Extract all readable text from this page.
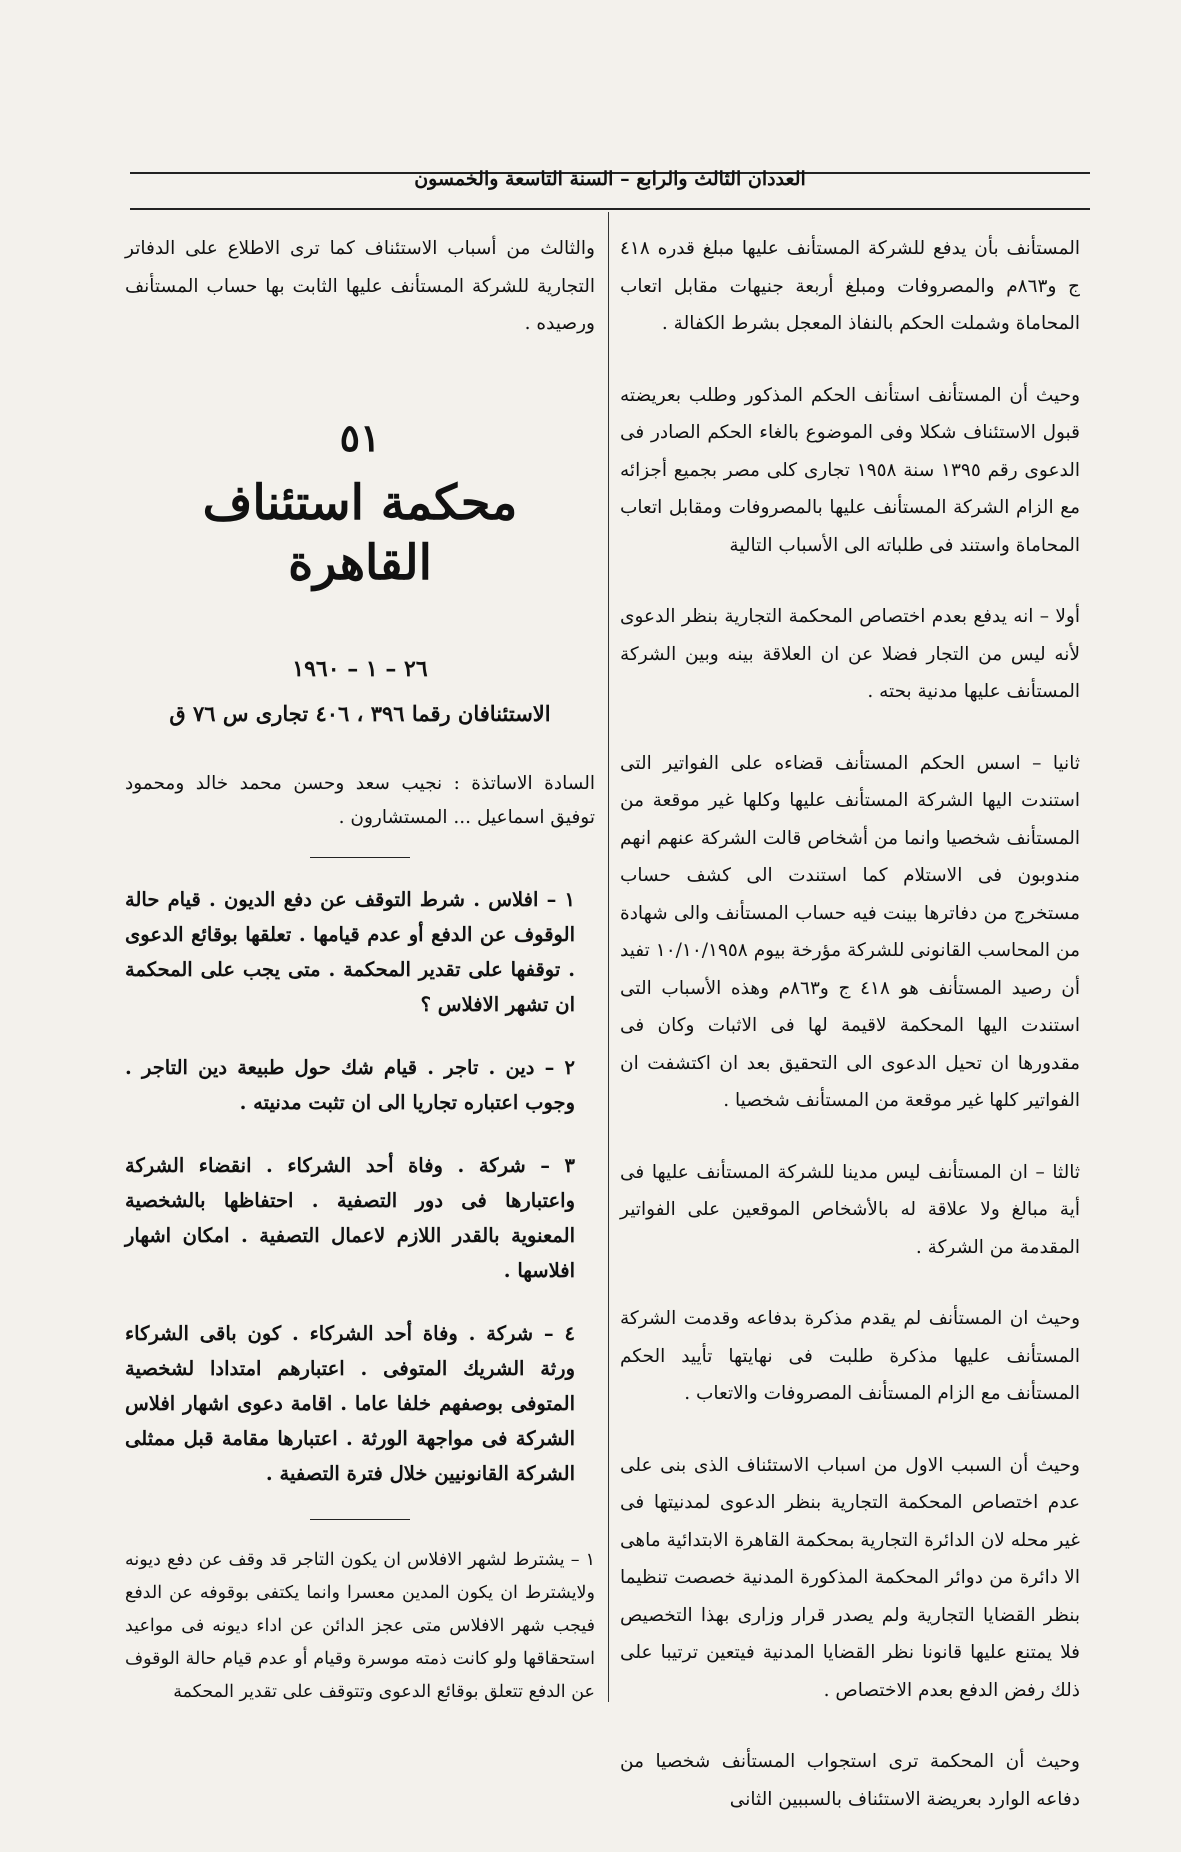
العددان الثالث والرابع – السنة التاسعة والخمسون

المستأنف بأن يدفع للشركة المستأنف عليها مبلغ قدره ٤١٨ ج و٨٦٣م والمصروفات ومبلغ أربعة جنيهات مقابل اتعاب المحاماة وشملت الحكم بالنفاذ المعجل بشرط الكفالة .

وحيث أن المستأنف استأنف الحكم المذكور وطلب بعريضته قبول الاستئناف شكلا وفى الموضوع بالغاء الحكم الصادر فى الدعوى رقم ١٣٩٥ سنة ١٩٥٨ تجارى كلى مصر بجميع أجزائه مع الزام الشركة المستأنف عليها بالمصروفات ومقابل اتعاب المحاماة واستند فى طلباته الى الأسباب التالية

أولا – انه يدفع بعدم اختصاص المحكمة التجارية بنظر الدعوى لأنه ليس من التجار فضلا عن ان العلاقة بينه وبين الشركة المستأنف عليها مدنية بحته .

ثانيا – اسس الحكم المستأنف قضاءه على الفواتير التى استندت اليها الشركة المستأنف عليها وكلها غير موقعة من المستأنف شخصيا وانما من أشخاص قالت الشركة عنهم انهم مندوبون فى الاستلام كما استندت الى كشف حساب مستخرج من دفاترها بينت فيه حساب المستأنف والى شهادة من المحاسب القانونى للشركة مؤرخة بيوم ١٠/١٠/١٩٥٨ تفيد أن رصيد المستأنف هو ٤١٨ ج و٨٦٣م وهذه الأسباب التى استندت اليها المحكمة لاقيمة لها فى الاثبات وكان فى مقدورها ان تحيل الدعوى الى التحقيق بعد ان اكتشفت ان الفواتير كلها غير موقعة من المستأنف شخصيا .

ثالثا – ان المستأنف ليس مدينا للشركة المستأنف عليها فى أية مبالغ ولا علاقة له بالأشخاص الموقعين على الفواتير المقدمة من الشركة .

وحيث ان المستأنف لم يقدم مذكرة بدفاعه وقدمت الشركة المستأنف عليها مذكرة طلبت فى نهايتها تأييد الحكم المستأنف مع الزام المستأنف المصروفات والاتعاب .

وحيث أن السبب الاول من اسباب الاستئناف الذى بنى على عدم اختصاص المحكمة التجارية بنظر الدعوى لمدنيتها فى غير محله لان الدائرة التجارية بمحكمة القاهرة الابتدائية ماهى الا دائرة من دوائر المحكمة المذكورة المدنية خصصت تنظيما بنظر القضايا التجارية ولم يصدر قرار وزارى بهذا التخصيص فلا يمتنع عليها قانونا نظر القضايا المدنية فيتعين ترتيبا على ذلك رفض الدفع بعدم الاختصاص .

وحيث أن المحكمة ترى استجواب المستأنف شخصيا من دفاعه الوارد بعريضة الاستئناف بالسببين الثانى

والثالث من أسباب الاستئناف كما ترى الاطلاع على الدفاتر التجارية للشركة المستأنف عليها الثابت بها حساب المستأنف ورصيده .

٥١
محكمة استئناف القاهرة
٢٦ – ١ – ١٩٦٠
الاستئنافان رقما ٣٩٦ ، ٤٠٦ تجارى س ٧٦ ق

السادة الاساتذة : نجيب سعد وحسن محمد خالد ومحمود توفيق اسماعيل ... المستشارون .

١ – افلاس . شرط التوقف عن دفع الديون . قيام حالة الوقوف عن الدفع أو عدم قيامها . تعلقها بوقائع الدعوى . توقفها على تقدير المحكمة . متى يجب على المحكمة ان تشهر الافلاس ؟

٢ – دين . تاجر . قيام شك حول طبيعة دين التاجر . وجوب اعتباره تجاريا الى ان تثبت مدنيته .

٣ – شركة . وفاة أحد الشركاء . انقضاء الشركة واعتبارها فى دور التصفية . احتفاظها بالشخصية المعنوية بالقدر اللازم لاعمال التصفية . امكان اشهار افلاسها .

٤ – شركة . وفاة أحد الشركاء . كون باقى الشركاء ورثة الشريك المتوفى . اعتبارهم امتدادا لشخصية المتوفى بوصفهم خلفا عاما . اقامة دعوى اشهار افلاس الشركة فى مواجهة الورثة . اعتبارها مقامة قبل ممثلى الشركة القانونيين خلال فترة التصفية .

١ – يشترط لشهر الافلاس ان يكون التاجر قد وقف عن دفع ديونه ولايشترط ان يكون المدين معسرا وانما يكتفى بوقوفه عن الدفع فيجب شهر الافلاس متى عجز الدائن عن اداء ديونه فى مواعيد استحقاقها ولو كانت ذمته موسرة وقيام أو عدم قيام حالة الوقوف عن الدفع تتعلق بوقائع الدعوى وتتوقف على تقدير المحكمة
